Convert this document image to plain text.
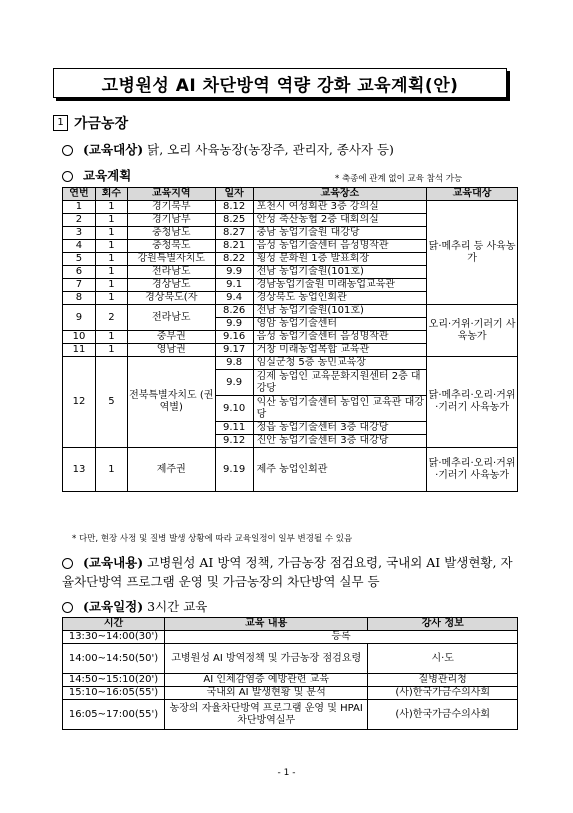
고병원성 AI 차단방역 역량 강화 교육계획(안)
1 가금농장
(교육대상) 닭, 오리 사육농장(농장주, 관리자, 종사자 등)
교육계획	* 축종에 관계 없이 교육 참석 가능
연번	회수	교육지역	일자	교육장소	교육대상
1	1	경기북부	8.12	포천시 여성회관 3층 강의실	닭·메추리 등 사육농가
2	1	경기남부	8.25	안성 축산농협 2층 대회의실	
3	1	충청남도	8.27	충남 농업기술원 대강당	
4	1	충청북도	8.21	음성 농업기술센터 음성명작관	
5	1	강원특별자치도	8.22	횡성 문화원 1층 발표회장	
6	1	전라남도	9.9	전남 농업기술원(101호)	
7	1	경상남도	9.1	경남농업기술원 미래농업교육관	
8	1	경상북도(자	9.4	경상북도 농업인회관	
9	2	전라남도	8.26	전남 농업기술원(101호)	오리·거위·기러기 사육농가
			9.9	영암 농업기술센터	
10	1	중부권	9.16	음성 농업기술센터 음성명작관	
11	1	영남권	9.17	거창 미래농업복합 교육관	
12	5	전북특별자치도 (권역별)	9.8	임실군청 5층 농민교육장	닭·메추리·오리·거위·기러기 사육농가
			9.9	김제 농업인 교육문화지원센터 2층 대강당	
			9.10	익산 농업기술센터 농업인 교육관 대강당	
			9.11	정읍 농업기술센터 3층 대강당	
			9.12	진안 농업기술센터 3층 대강당	
13	1	제주권	9.19	제주 농업인회관	닭·메추리·오리·거위·기러기 사육농가
* 다만, 현장 사정 및 질병 발생 상황에 따라 교육일정이 일부 변경될 수 있음
(교육내용) 고병원성 AI 방역 정책, 가금농장 점검요령, 국내외 AI 발생현황, 자율차단방역 프로그램 운영 및 가금농장의 차단방역 실무 등
(교육일정) 3시간 교육
시간	교육 내용	강사 정보
13:30~14:00(30')	등록	
14:00~14:50(50')	고병원성 AI 방역정책 및 가금농장 점검요령	시·도
14:50~15:10(20')	AI 인체감염증 예방관련 교육	질병관리청
15:10~16:05(55')	국내외 AI 발생현황 및 분석	(사)한국가금수의사회
16:05~17:00(55')	농장의 자율차단방역 프로그램 운영 및 HPAI 차단방역실무	(사)한국가금수의사회
- 1 -
